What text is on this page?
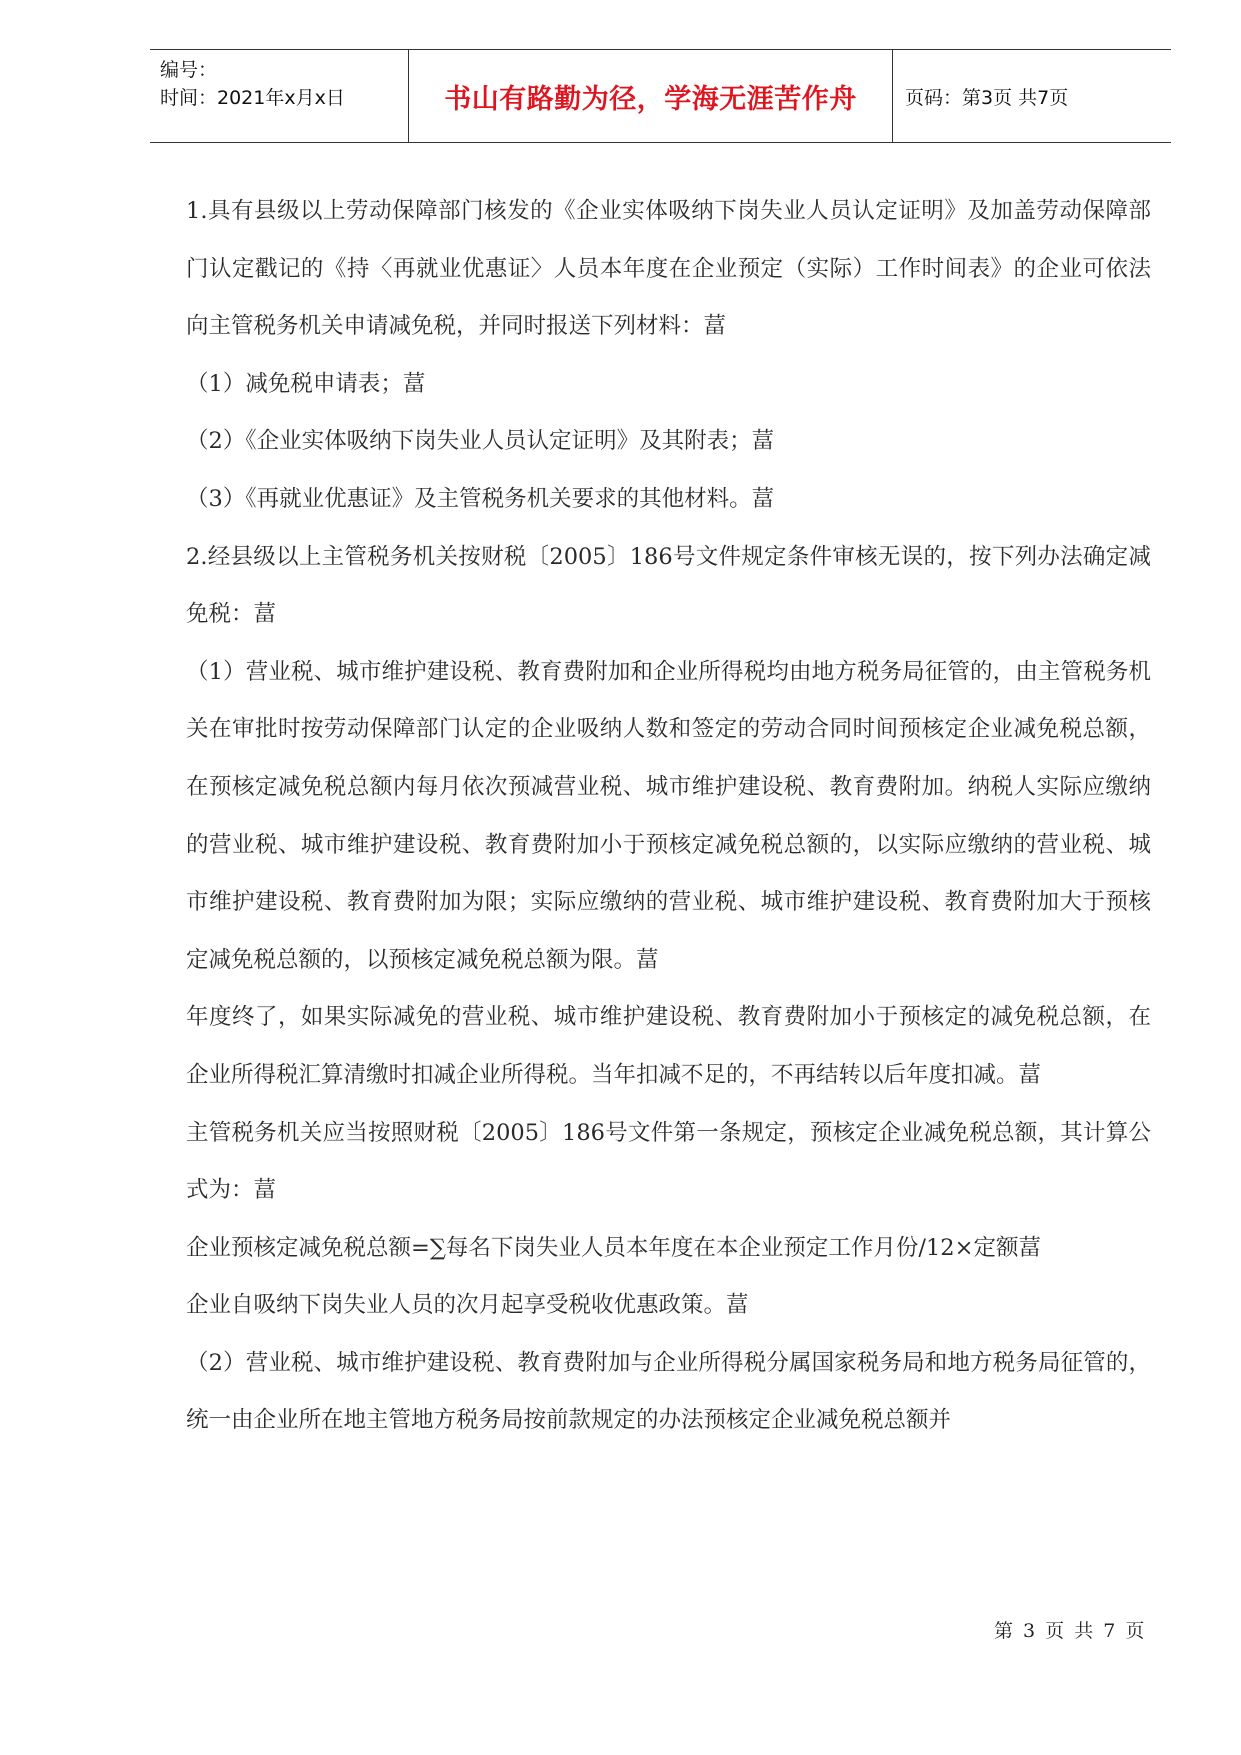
编号：
时间：2021年x月x日	书山有路勤为径，学海无涯苦作舟	页码：第3页 共7页

1.具有县级以上劳动保障部门核发的《企业实体吸纳下岗失业人员认定证明》及加盖劳动保障部门认定戳记的《持〈再就业优惠证〉人员本年度在企业预定（实际）工作时间表》的企业可依法向主管税务机关申请减免税，并同时报送下列材料：葍

（1）减免税申请表；葍

（2）《企业实体吸纳下岗失业人员认定证明》及其附表；葍

（3）《再就业优惠证》及主管税务机关要求的其他材料。葍

2.经县级以上主管税务机关按财税〔2005〕186号文件规定条件审核无误的，按下列办法确定减免税：葍

（1）营业税、城市维护建设税、教育费附加和企业所得税均由地方税务局征管的，由主管税务机关在审批时按劳动保障部门认定的企业吸纳人数和签定的劳动合同时间预核定企业减免税总额，在预核定减免税总额内每月依次预减营业税、城市维护建设税、教育费附加。纳税人实际应缴纳的营业税、城市维护建设税、教育费附加小于预核定减免税总额的，以实际应缴纳的营业税、城市维护建设税、教育费附加为限；实际应缴纳的营业税、城市维护建设税、教育费附加大于预核定减免税总额的，以预核定减免税总额为限。葍

年度终了，如果实际减免的营业税、城市维护建设税、教育费附加小于预核定的减免税总额，在企业所得税汇算清缴时扣减企业所得税。当年扣减不足的，不再结转以后年度扣减。葍

主管税务机关应当按照财税〔2005〕186号文件第一条规定，预核定企业减免税总额，其计算公式为：葍

企业预核定减免税总额=∑每名下岗失业人员本年度在本企业预定工作月份/12×定额葍

企业自吸纳下岗失业人员的次月起享受税收优惠政策。葍

（2）营业税、城市维护建设税、教育费附加与企业所得税分属国家税务局和地方税务局征管的，统一由企业所在地主管地方税务局按前款规定的办法预核定企业减免税总额并

第 3 页 共 7 页
